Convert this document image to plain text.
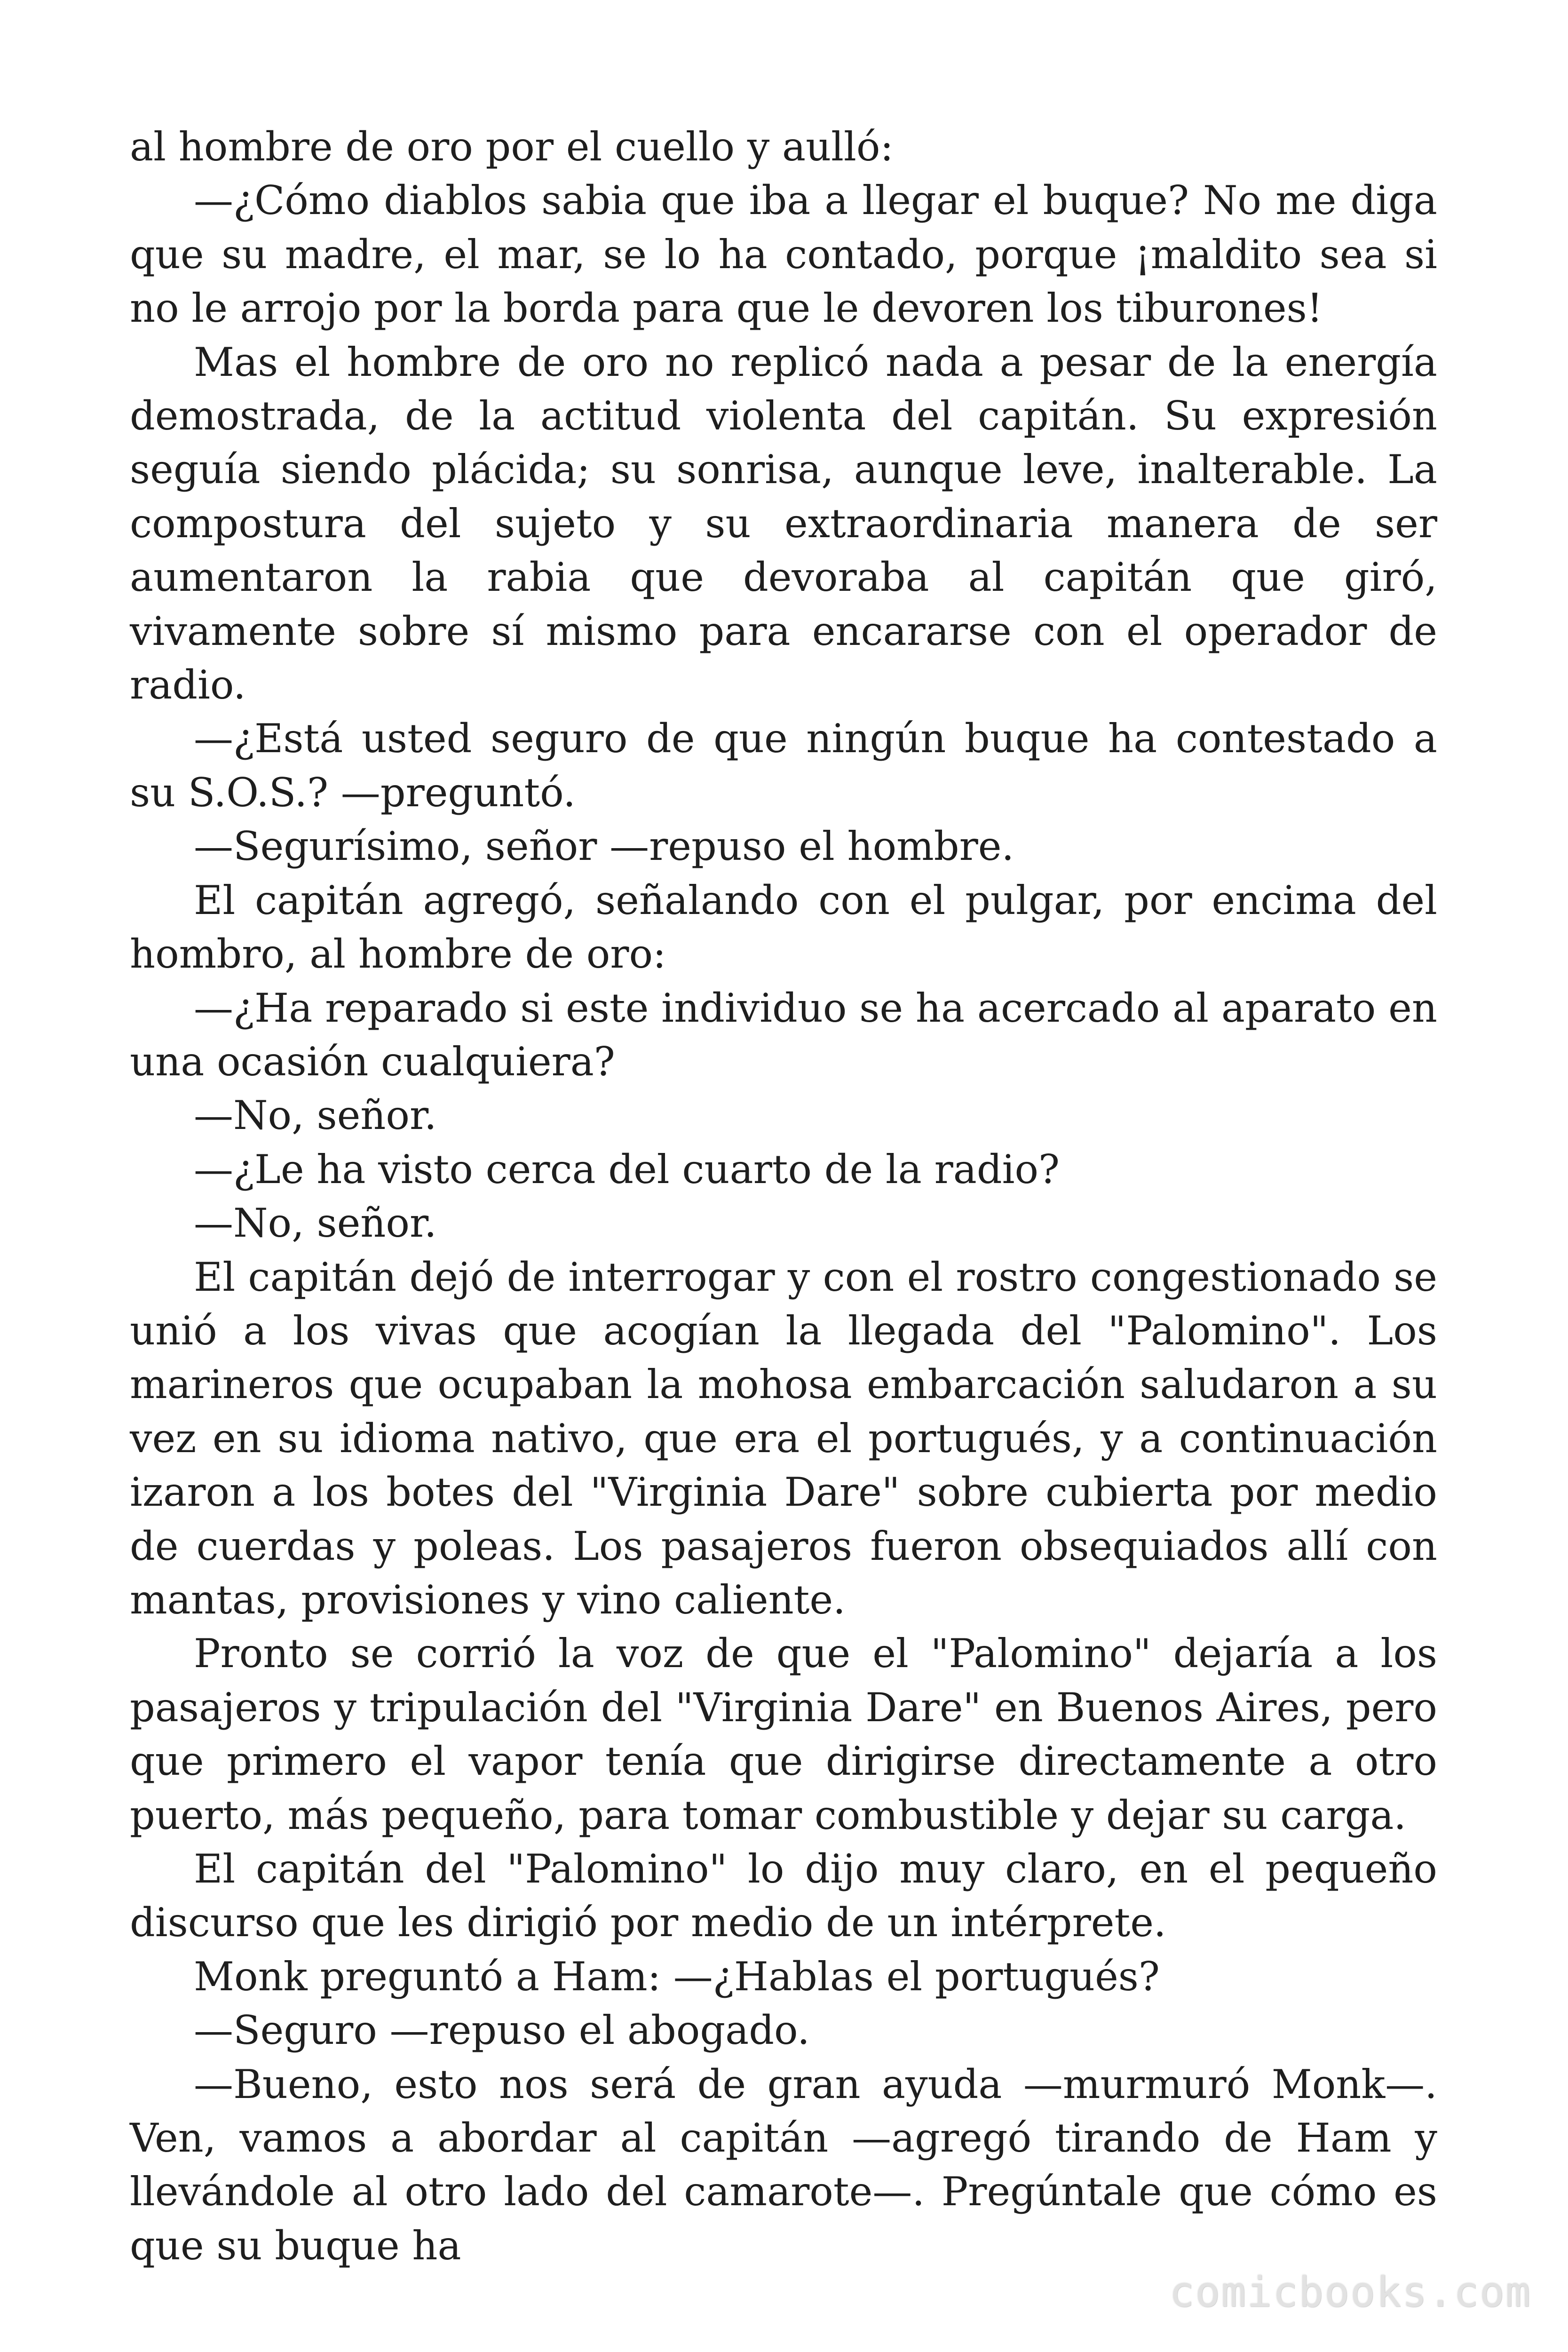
al hombre de oro por el cuello y aulló:

—¿Cómo diablos sabia que iba a llegar el buque? No me diga que su madre, el mar, se lo ha contado, porque ¡maldito sea si no le arrojo por la borda para que le devoren los tiburones!

Mas el hombre de oro no replicó nada a pesar de la energía demostrada, de la actitud violenta del capitán. Su expresión seguía siendo plácida; su sonrisa, aunque leve, inalterable. La compostura del sujeto y su extraordinaria manera de ser aumentaron la rabia que devoraba al capitán que giró, vivamente sobre sí mismo para encararse con el operador de radio.

—¿Está usted seguro de que ningún buque ha contestado a su S.O.S.? —preguntó.

—Segurísimo, señor —repuso el hombre.

El capitán agregó, señalando con el pulgar, por encima del hombro, al hombre de oro:

—¿Ha reparado si este individuo se ha acercado al aparato en una ocasión cualquiera?

—No, señor.

—¿Le ha visto cerca del cuarto de la radio?

—No, señor.

El capitán dejó de interrogar y con el rostro congestionado se unió a los vivas que acogían la llegada del "Palomino". Los marineros que ocupaban la mohosa embarcación saludaron a su vez en su idioma nativo, que era el portugués, y a continuación izaron a los botes del "Virginia Dare" sobre cubierta por medio de cuerdas y poleas. Los pasajeros fueron obsequiados allí con mantas, provisiones y vino caliente.

Pronto se corrió la voz de que el "Palomino" dejaría a los pasajeros y tripulación del "Virginia Dare" en Buenos Aires, pero que primero el vapor tenía que dirigirse directamente a otro puerto, más pequeño, para tomar combustible y dejar su carga.

El capitán del "Palomino" lo dijo muy claro, en el pequeño discurso que les dirigió por medio de un intérprete.

Monk preguntó a Ham: —¿Hablas el portugués?

—Seguro —repuso el abogado.

—Bueno, esto nos será de gran ayuda —murmuró Monk—. Ven, vamos a abordar al capitán —agregó tirando de Ham y llevándole al otro lado del camarote—. Pregúntale que cómo es que su buque ha

comicbooks.com
